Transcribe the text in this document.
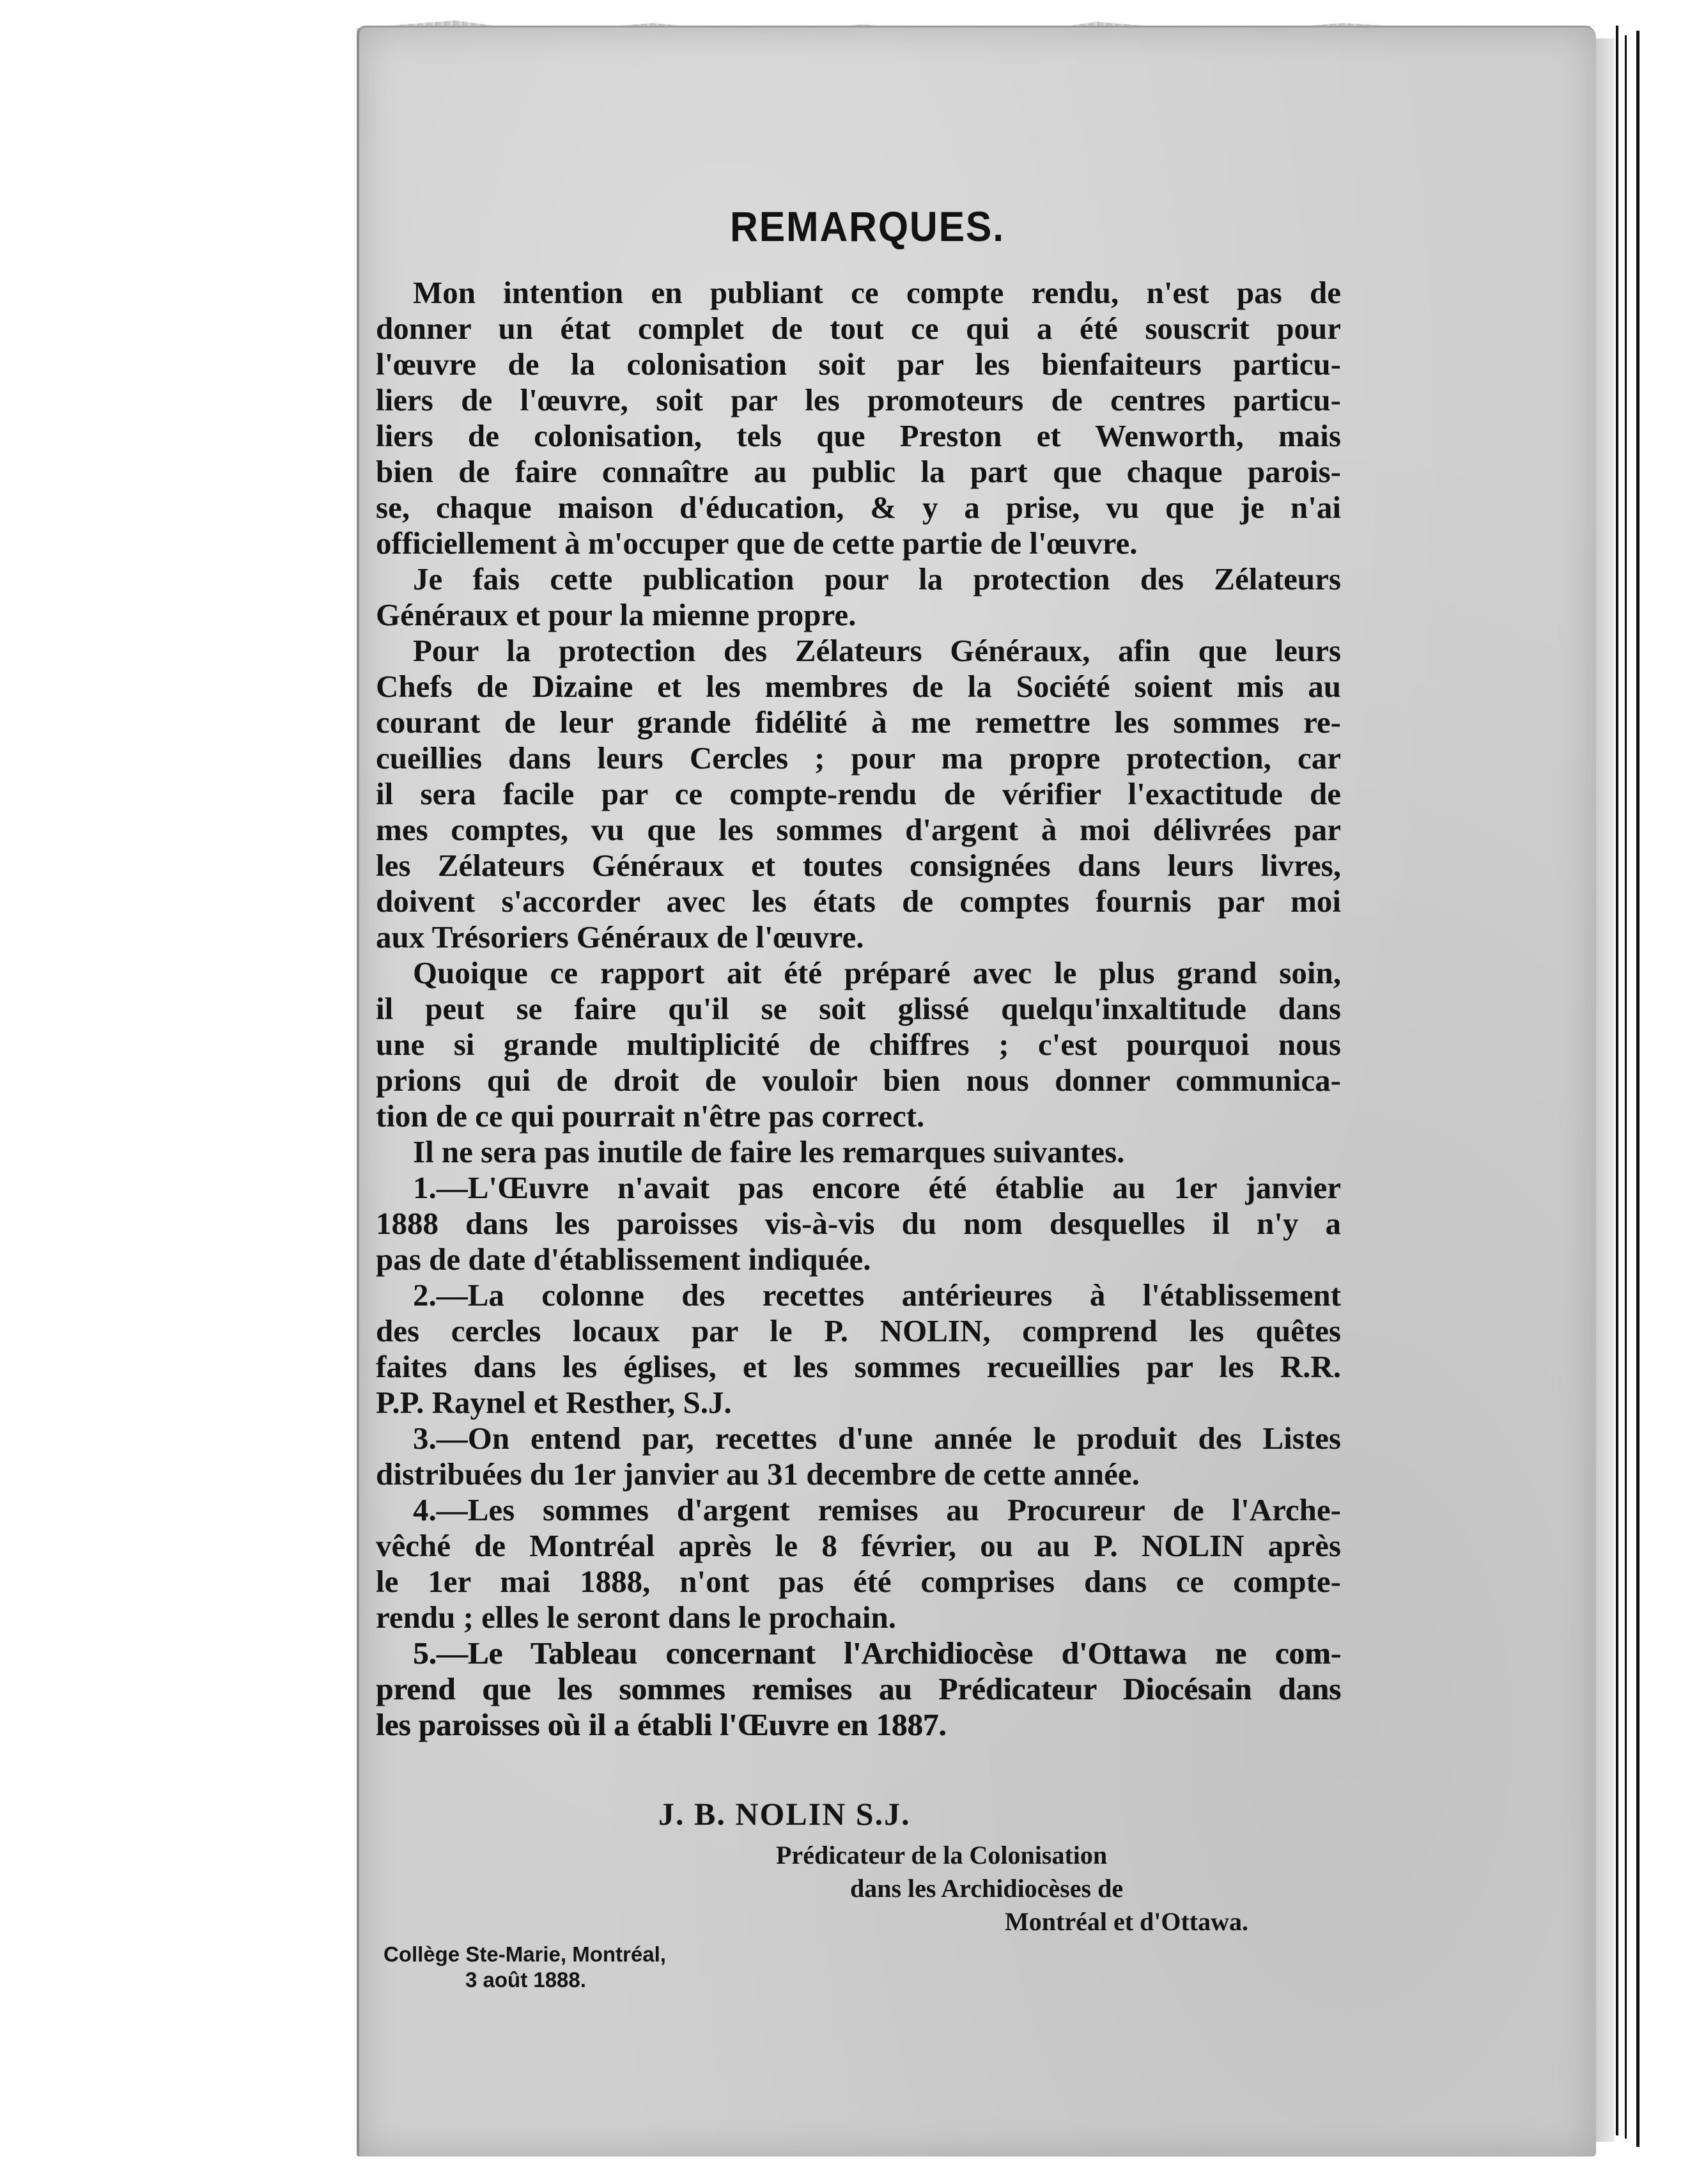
REMARQUES.
Mon intention en publiant ce compte rendu, n'est pas de
donner un état complet de tout ce qui a été souscrit pour
l'œuvre de la colonisation soit par les bienfaiteurs particu-
liers de l'œuvre, soit par les promoteurs de centres particu-
liers de colonisation, tels que Preston et Wenworth, mais
bien de faire connaître au public la part que chaque parois-
se, chaque maison d'éducation, & y a prise, vu que je n'ai
officiellement à m'occuper que de cette partie de l'œuvre.
Je fais cette publication pour la protection des Zélateurs
Généraux et pour la mienne propre.
Pour la protection des Zélateurs Généraux, afin que leurs
Chefs de Dizaine et les membres de la Société soient mis au
courant de leur grande fidélité à me remettre les sommes re-
cueillies dans leurs Cercles ; pour ma propre protection, car
il sera facile par ce compte-rendu de vérifier l'exactitude de
mes comptes, vu que les sommes d'argent à moi délivrées par
les Zélateurs Généraux et toutes consignées dans leurs livres,
doivent s'accorder avec les états de comptes fournis par moi
aux Trésoriers Généraux de l'œuvre.
Quoique ce rapport ait été préparé avec le plus grand soin,
il peut se faire qu'il se soit glissé quelqu'inxaltitude dans
une si grande multiplicité de chiffres ; c'est pourquoi nous
prions qui de droit de vouloir bien nous donner communica-
tion de ce qui pourrait n'être pas correct.
Il ne sera pas inutile de faire les remarques suivantes.
1.—L'Œuvre n'avait pas encore été établie au 1er janvier
1888 dans les paroisses vis-à-vis du nom desquelles il n'y a
pas de date d'établissement indiquée.
2.—La colonne des recettes antérieures à l'établissement
des cercles locaux par le P. NOLIN, comprend les quêtes
faites dans les églises, et les sommes recueillies par les R.R.
P.P. Raynel et Resther, S.J.
3.—On entend par, recettes d'une année le produit des Listes
distribuées du 1er janvier au 31 decembre de cette année.
4.—Les sommes d'argent remises au Procureur de l'Arche-
vêché de Montréal après le 8 février, ou au P. NOLIN après
le 1er mai 1888, n'ont pas été comprises dans ce compte-
rendu ; elles le seront dans le prochain.
5.—Le Tableau concernant l'Archidiocèse d'Ottawa ne com-
prend que les sommes remises au Prédicateur Diocésain dans
les paroisses où il a établi l'Œuvre en 1887.
J. B. NOLIN S.J.
Prédicateur de la Colonisation
dans les Archidiocèses de
Montréal et d'Ottawa.
Collège Ste-Marie, Montréal,
3 août 1888.
